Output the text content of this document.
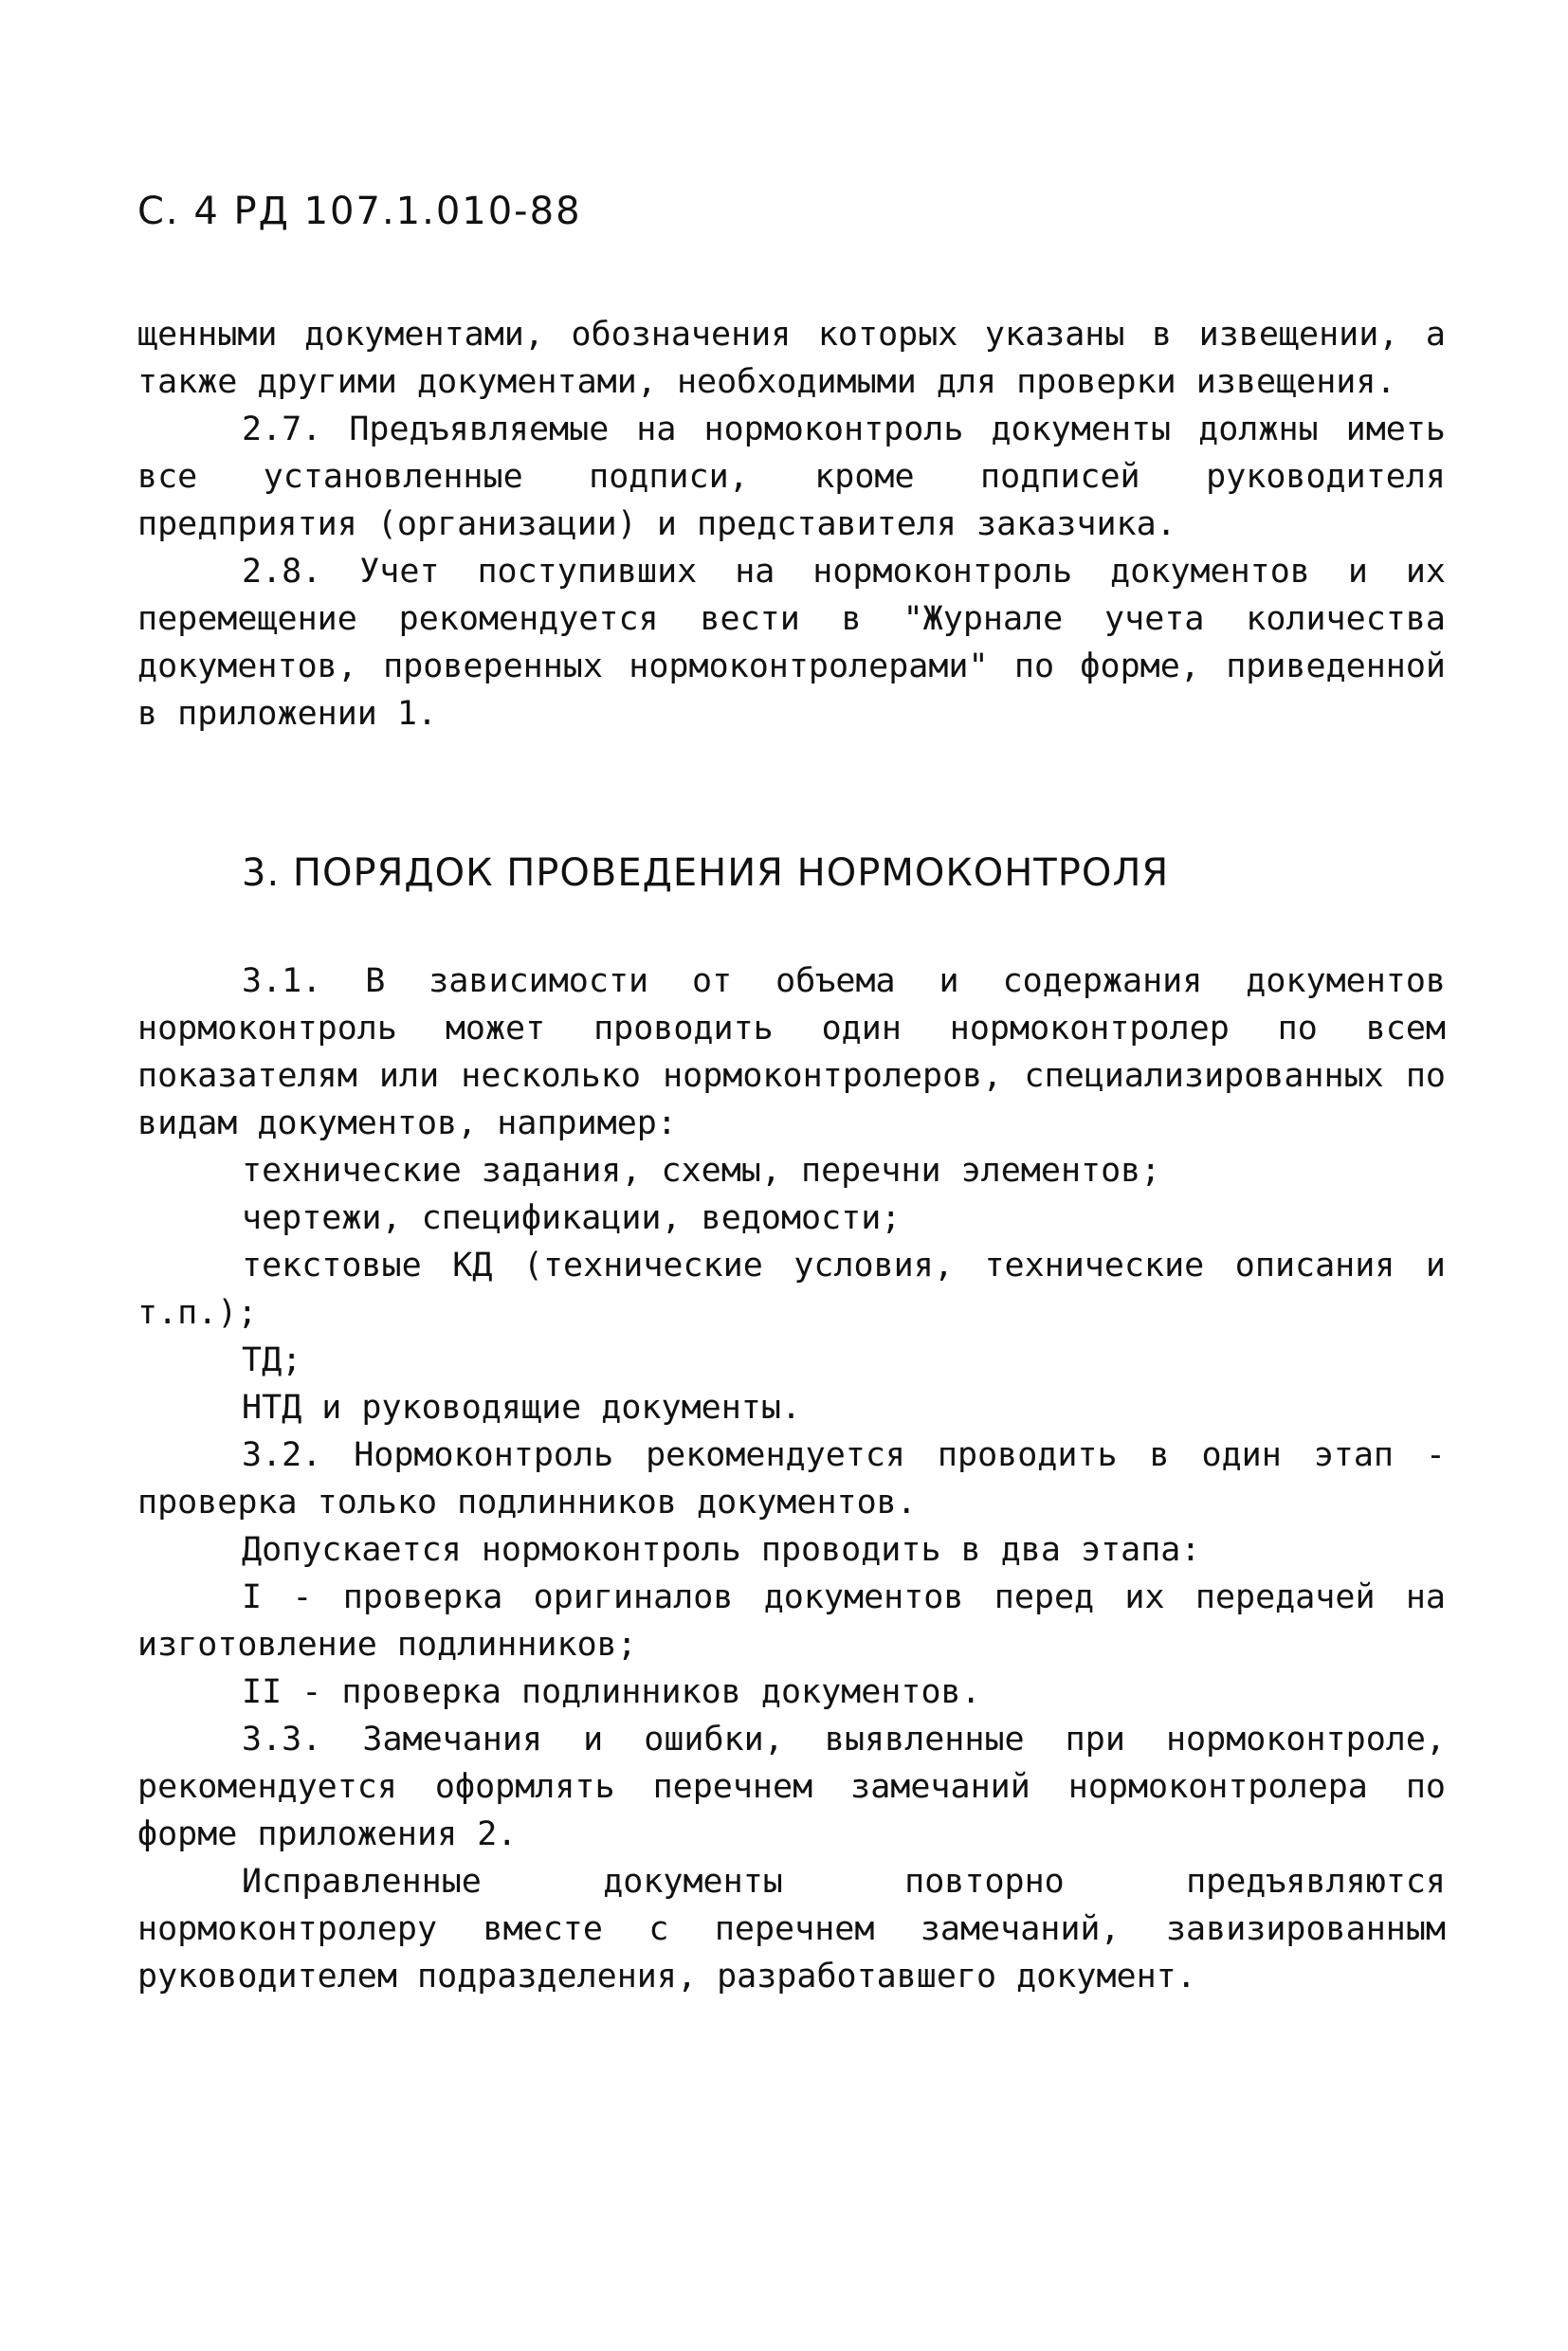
С. 4 РД 107.1.010-88

щенными документами, обозначения которых указаны в извещении, а также другими документами, необходимыми для проверки извещения.

2.7. Предъявляемые на нормоконтроль документы должны иметь все установленные подписи, кроме подписей руководителя предприятия (организации) и представителя заказчика.

2.8. Учет поступивших на нормоконтроль документов и их перемещение рекомендуется вести в "Журнале учета количества документов, проверенных нормоконтролерами" по форме, приведенной в приложении 1.

3. ПОРЯДОК ПРОВЕДЕНИЯ НОРМОКОНТРОЛЯ

3.1. В зависимости от объема и содержания документов нормоконтроль может проводить один нормоконтролер по всем показателям или несколько нормоконтролеров, специализированных по видам документов, например:

технические задания, схемы, перечни элементов;

чертежи, спецификации, ведомости;

текстовые КД (технические условия, технические описания и т.п.);

ТД;

НТД и руководящие документы.

3.2. Нормоконтроль рекомендуется проводить в один этап - проверка только подлинников документов.

Допускается нормоконтроль проводить в два этапа:

I - проверка оригиналов документов перед их передачей на изготовление подлинников;

II - проверка подлинников документов.

3.3. Замечания и ошибки, выявленные при нормоконтроле, рекомендуется оформлять перечнем замечаний нормоконтролера по форме приложения 2.

Исправленные документы повторно предъявляются нормоконтролеру вместе с перечнем замечаний, завизированным руководителем подразделения, разработавшего документ.
